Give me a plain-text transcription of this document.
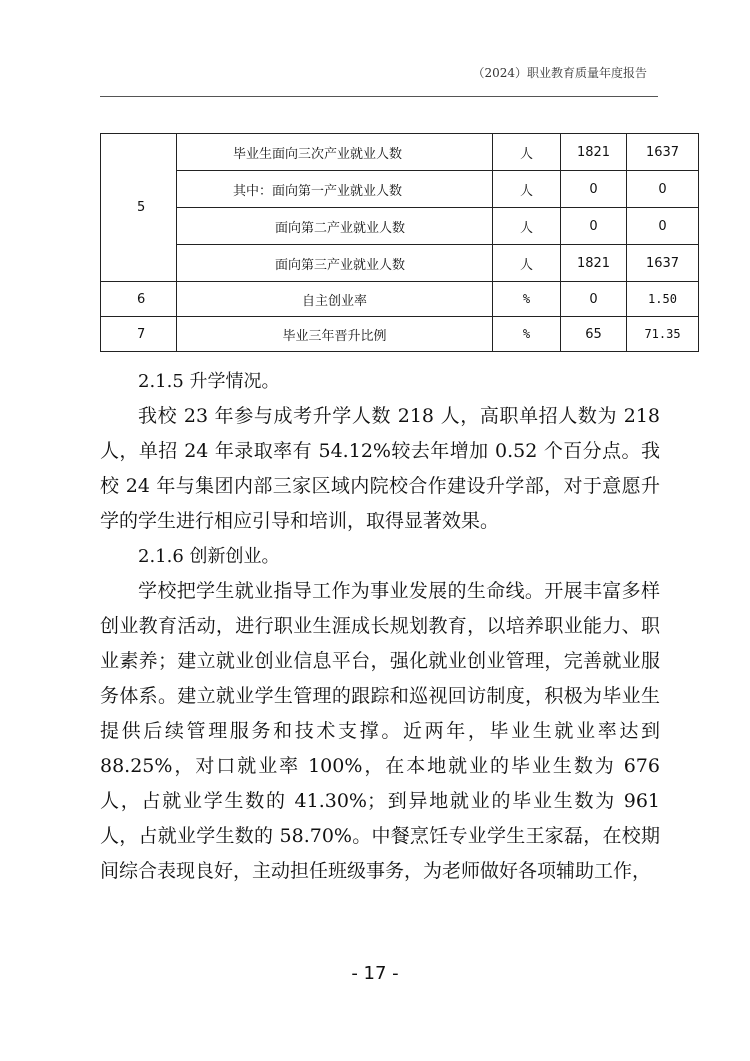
（2024）职业教育质量年度报告
5	毕业生面向三次产业就业人数	人	1821	1637
	其中：面向第一产业就业人数	人	0	0
	面向第二产业就业人数	人	0	0
	面向第三产业就业人数	人	1821	1637
6	自主创业率	%	0	1.50
7	毕业三年晋升比例	%	65	71.35

2.1.5 升学情况。

我校 23 年参与成考升学人数 218 人，高职单招人数为 218 人，单招 24 年录取率有 54.12%较去年增加 0.52 个百分点。我校 24 年与集团内部三家区域内院校合作建设升学部，对于意愿升学的学生进行相应引导和培训，取得显著效果。

2.1.6 创新创业。

学校把学生就业指导工作为事业发展的生命线。开展丰富多样创业教育活动，进行职业生涯成长规划教育，以培养职业能力、职业素养；建立就业创业信息平台，强化就业创业管理，完善就业服务体系。建立就业学生管理的跟踪和巡视回访制度，积极为毕业生提供后续管理服务和技术支撑。近两年，毕业生就业率达到 88.25%，对口就业率 100%，在本地就业的毕业生数为 676 人，占就业学生数的 41.30%；到异地就业的毕业生数为 961 人，占就业学生数的 58.70%。中餐烹饪专业学生王家磊，在校期间综合表现良好，主动担任班级事务，为老师做好各项辅助工作，

- 17 -
